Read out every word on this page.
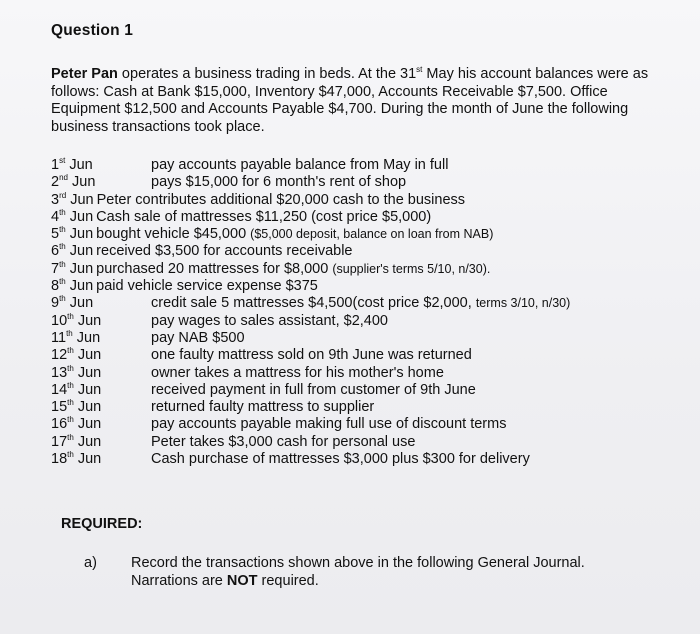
Question 1
Peter Pan operates a business trading in beds. At the 31st May his account balances were as follows: Cash at Bank $15,000, Inventory $47,000, Accounts Receivable $7,500. Office Equipment $12,500 and Accounts Payable $4,700. During the month of June the following business transactions took place.
1st Jun	pay accounts payable balance from May in full
2nd Jun	pays $15,000 for 6 month's rent of shop
3rd Jun Peter contributes additional $20,000 cash to the business
4th Jun Cash sale of mattresses $11,250 (cost price $5,000)
5th Jun bought vehicle $45,000 ($5,000 deposit, balance on loan from NAB)
6th Jun received $3,500 for accounts receivable
7th Jun purchased 20 mattresses for $8,000 (supplier's terms 5/10, n/30).
8th Jun paid vehicle service expense $375
9th Jun	credit sale 5 mattresses $4,500(cost price $2,000, terms 3/10, n/30)
10th Jun	pay wages to sales assistant, $2,400
11th Jun	pay NAB $500
12th Jun	one faulty mattress sold on 9th June was returned
13th Jun	owner takes a mattress for his mother's home
14th Jun	received payment in full from customer of 9th June
15th Jun	returned faulty mattress to supplier
16th Jun	pay accounts payable making full use of discount terms
17th Jun	Peter takes $3,000 cash for personal use
18th Jun	Cash purchase of mattresses $3,000 plus $300 for delivery
REQUIRED:
a) Record the transactions shown above in the following General Journal. Narrations are NOT required.
